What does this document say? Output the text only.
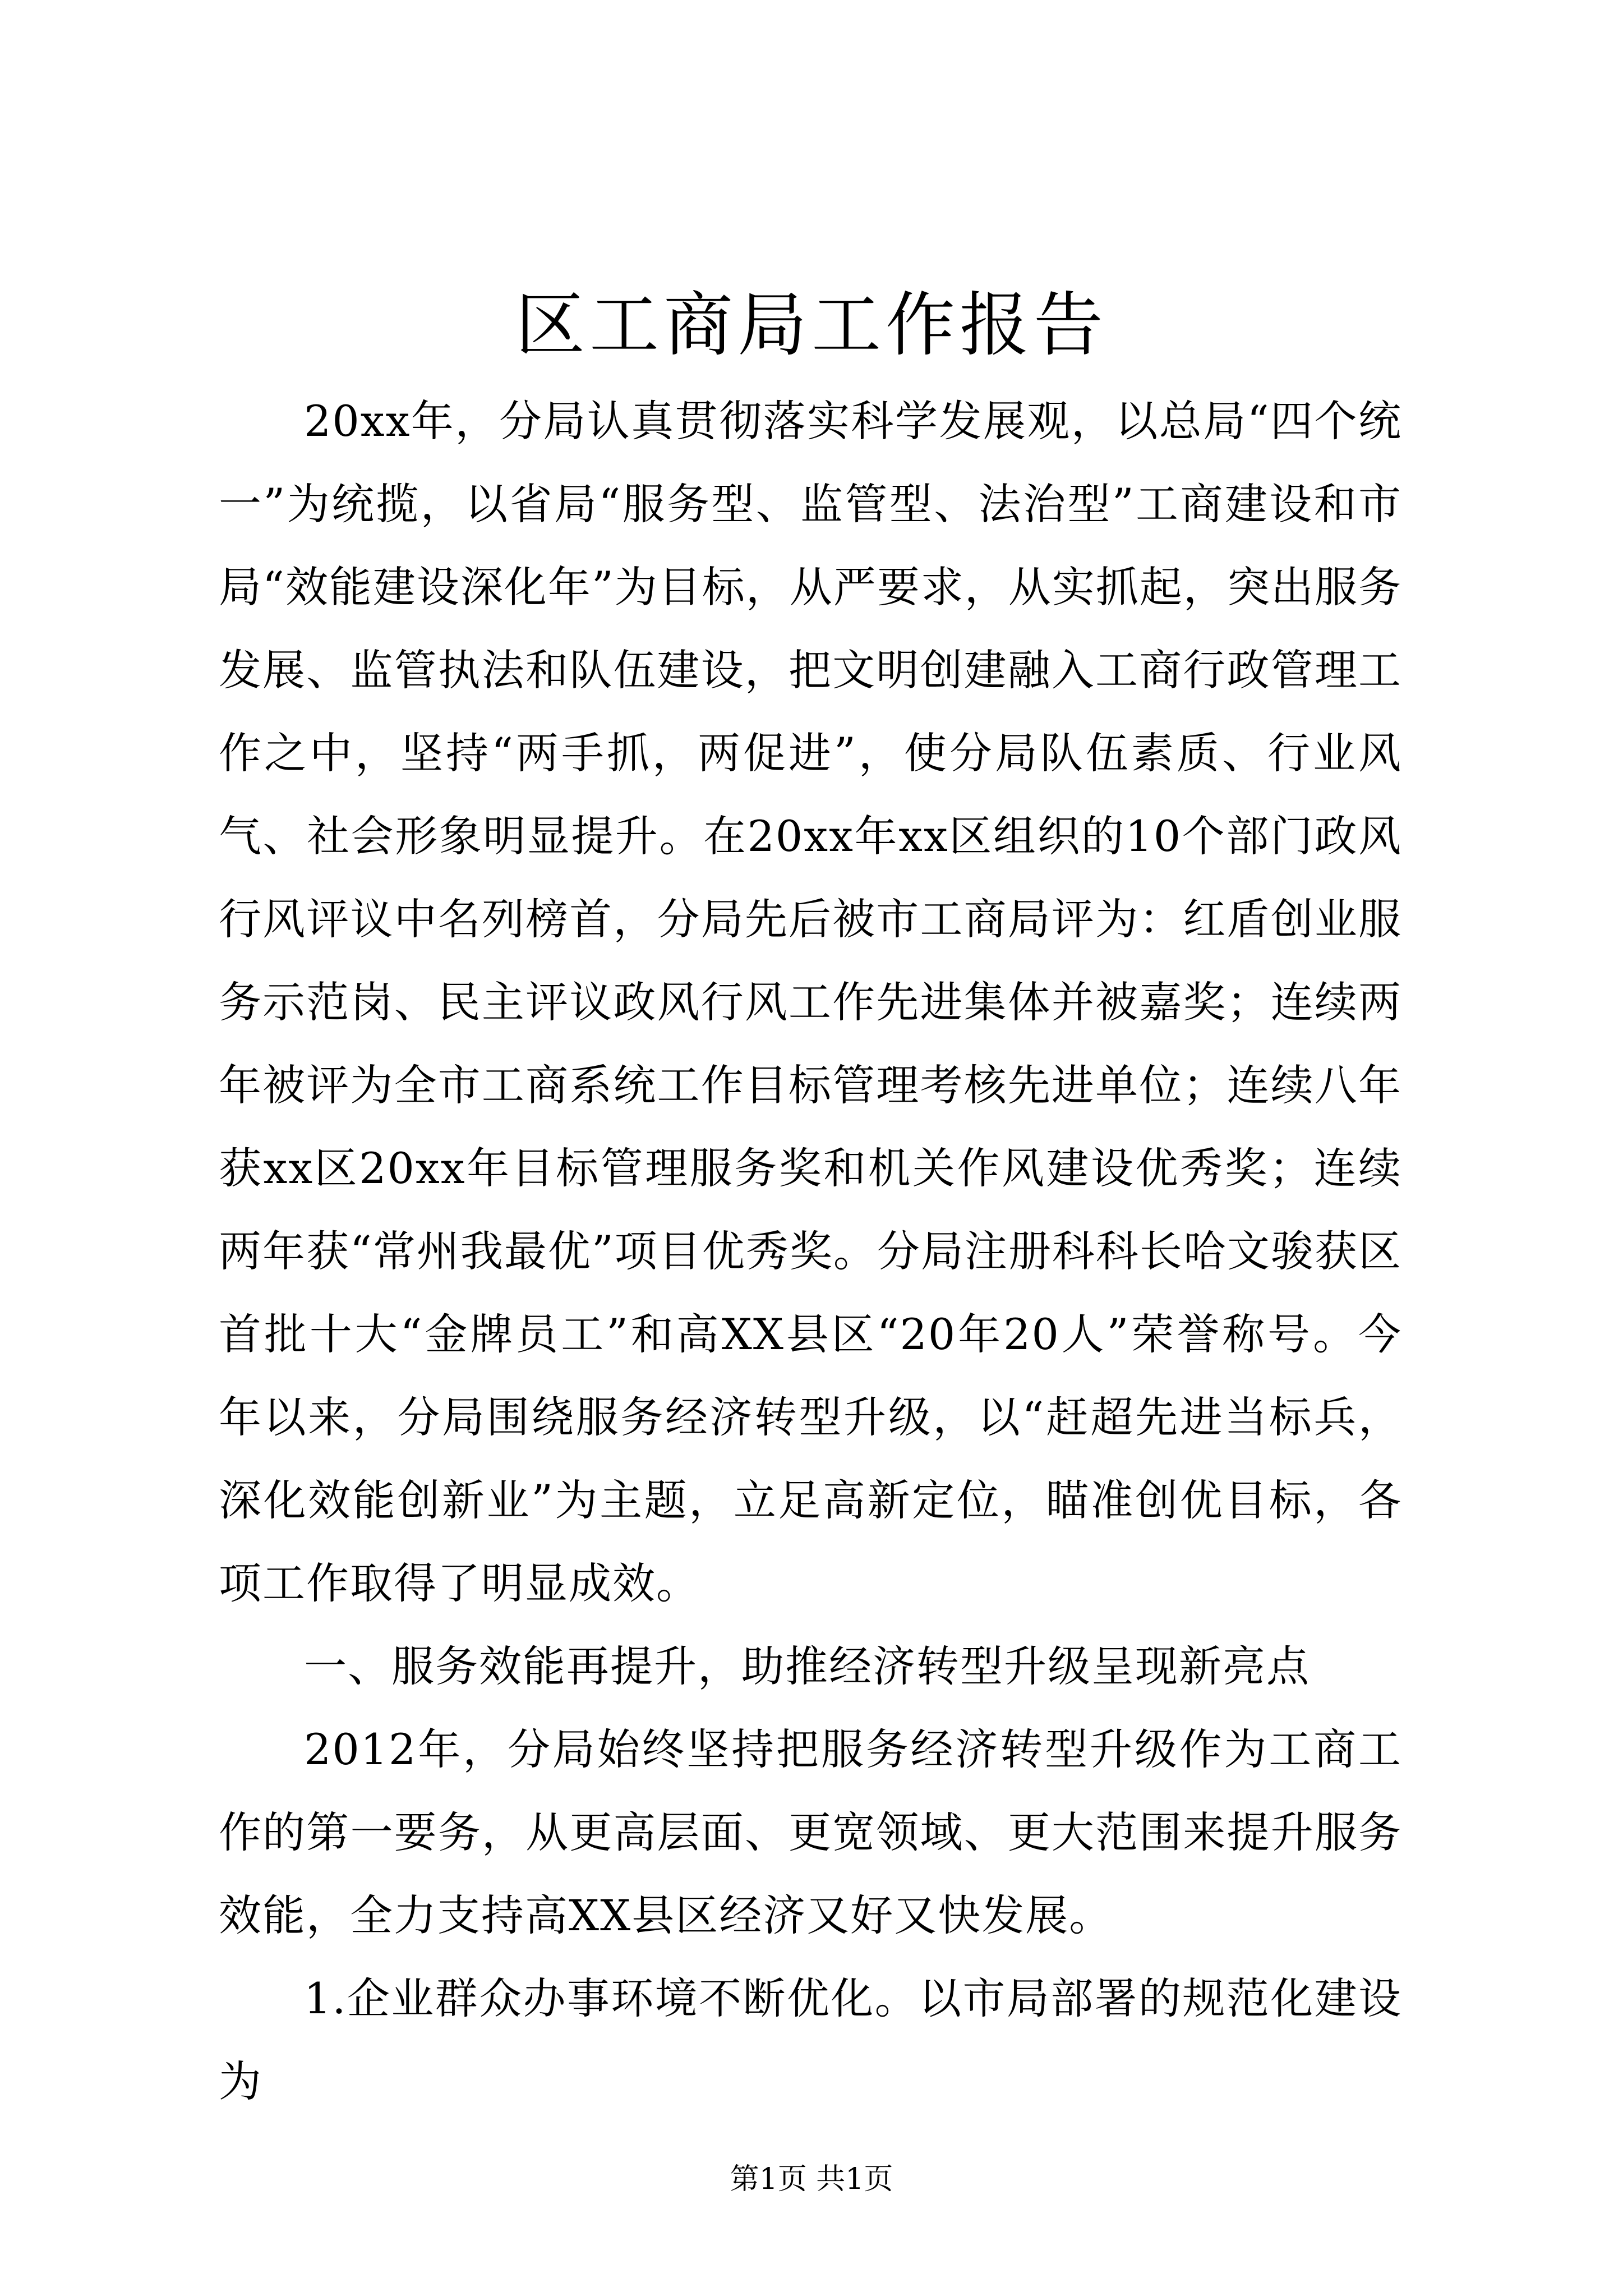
区工商局工作报告

20xx年，分局认真贯彻落实科学发展观，以总局“四个统一”为统揽，以省局“服务型、监管型、法治型”工商建设和市局“效能建设深化年”为目标，从严要求，从实抓起，突出服务发展、监管执法和队伍建设，把文明创建融入工商行政管理工作之中，坚持“两手抓，两促进”，使分局队伍素质、行业风气、社会形象明显提升。在20xx年xx区组织的10个部门政风行风评议中名列榜首，分局先后被市工商局评为：红盾创业服务示范岗、民主评议政风行风工作先进集体并被嘉奖；连续两年被评为全市工商系统工作目标管理考核先进单位；连续八年获xx区20xx年目标管理服务奖和机关作风建设优秀奖；连续两年获“常州我最优”项目优秀奖。分局注册科科长哈文骏获区首批十大“金牌员工”和高XX县区“20年20人”荣誉称号。今年以来，分局围绕服务经济转型升级，以“赶超先进当标兵，深化效能创新业”为主题，立足高新定位，瞄准创优目标，各项工作取得了明显成效。

一、服务效能再提升，助推经济转型升级呈现新亮点

2012年，分局始终坚持把服务经济转型升级作为工商工作的第一要务，从更高层面、更宽领域、更大范围来提升服务效能，全力支持高XX县区经济又好又快发展。

1.企业群众办事环境不断优化。以市局部署的规范化建设为

第1页 共1页
